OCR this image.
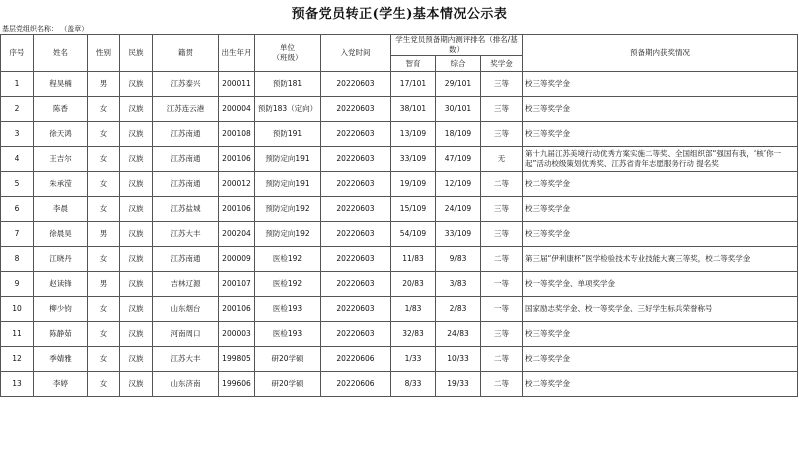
预备党员转正(学生)基本情况公示表
基层党组织名称： （盖章）
序号	姓名	性别	民族	籍贯	出生年月	单位
（班级）	入党时间	学生党员预备期内测评排名（排名/基数）			预备期内获奖情况
								智育	综合	奖学金	
1	程昊楠	男	汉族	江苏泰兴	200011	预防181	20220603	17/101	29/101	三等	校三等奖学金
2	陈香	女	汉族	江苏连云港	200004	预防183（定向）	20220603	38/101	30/101	三等	校三等奖学金
3	徐天鸿	女	汉族	江苏南通	200108	预防191	20220603	13/109	18/109	三等	校三等奖学金
4	王吉尔	女	汉族	江苏南通	200106	预防定向191	20220603	33/109	47/109	无	第十九届江苏美境行动优秀方案实施二等奖、全国组织部“强国有我，‘核’你一起”活动校级策划优秀奖、江苏省青年志愿服务行动 提名奖
5	朱承滢	女	汉族	江苏南通	200012	预防定向191	20220603	19/109	12/109	二等	校二等奖学金
6	李晨	女	汉族	江苏盐城	200106	预防定向192	20220603	15/109	24/109	三等	校三等奖学金
7	徐晨昊	男	汉族	江苏大丰	200204	预防定向192	20220603	54/109	33/109	三等	校三等奖学金
8	江晓丹	女	汉族	江苏南通	200009	医检192	20220603	11/83	9/83	二等	第三届“伊利康杯”医学检验技术专业技能大赛三等奖，校二等奖学金
9	赵读锋	男	汉族	吉林辽源	200107	医检192	20220603	20/83	3/83	一等	校一等奖学金、单项奖学金
10	柳少钧	女	汉族	山东烟台	200106	医检193	20220603	1/83	2/83	一等	国家励志奖学金、校一等奖学金、三好学生标兵荣誉称号
11	陈静茹	女	汉族	河南周口	200003	医检193	20220603	32/83	24/83	三等	校三等奖学金
12	季婧雅	女	汉族	江苏大丰	199805	研20学硕	20220606	1/33	10/33	二等	校二等奖学金
13	李婷	女	汉族	山东济南	199606	研20学硕	20220606	8/33	19/33	二等	校二等奖学金
